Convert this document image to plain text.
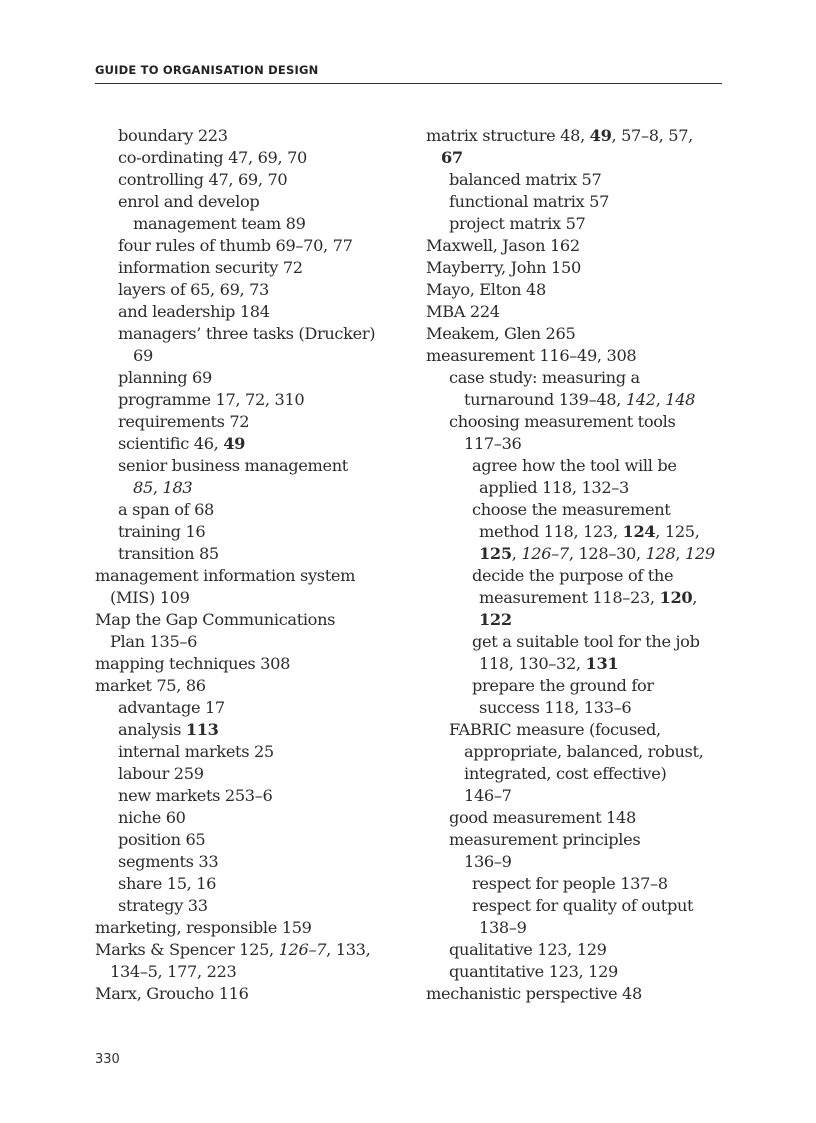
GUIDE TO ORGANISATION DESIGN
boundary 223
co-ordinating 47, 69, 70
controlling 47, 69, 70
enrol and develop
management team 89
four rules of thumb 69–70, 77
information security 72
layers of 65, 69, 73
and leadership 184
managers’ three tasks (Drucker)
69
planning 69
programme 17, 72, 310
requirements 72
scientific 46, 49
senior business management
85, 183
a span of 68
training 16
transition 85
management information system
(MIS) 109
Map the Gap Communications
Plan 135–6
mapping techniques 308
market 75, 86
advantage 17
analysis 113
internal markets 25
labour 259
new markets 253–6
niche 60
position 65
segments 33
share 15, 16
strategy 33
marketing, responsible 159
Marks & Spencer 125, 126–7, 133,
134–5, 177, 223
Marx, Groucho 116
matrix structure 48, 49, 57–8, 57,
67
balanced matrix 57
functional matrix 57
project matrix 57
Maxwell, Jason 162
Mayberry, John 150
Mayo, Elton 48
MBA 224
Meakem, Glen 265
measurement 116–49, 308
case study: measuring a
turnaround 139–48, 142, 148
choosing measurement tools
117–36
agree how the tool will be
applied 118, 132–3
choose the measurement
method 118, 123, 124, 125,
125, 126–7, 128–30, 128, 129
decide the purpose of the
measurement 118–23, 120,
122
get a suitable tool for the job
118, 130–32, 131
prepare the ground for
success 118, 133–6
FABRIC measure (focused,
appropriate, balanced, robust,
integrated, cost effective)
146–7
good measurement 148
measurement principles
136–9
respect for people 137–8
respect for quality of output
138–9
qualitative 123, 129
quantitative 123, 129
mechanistic perspective 48
330
